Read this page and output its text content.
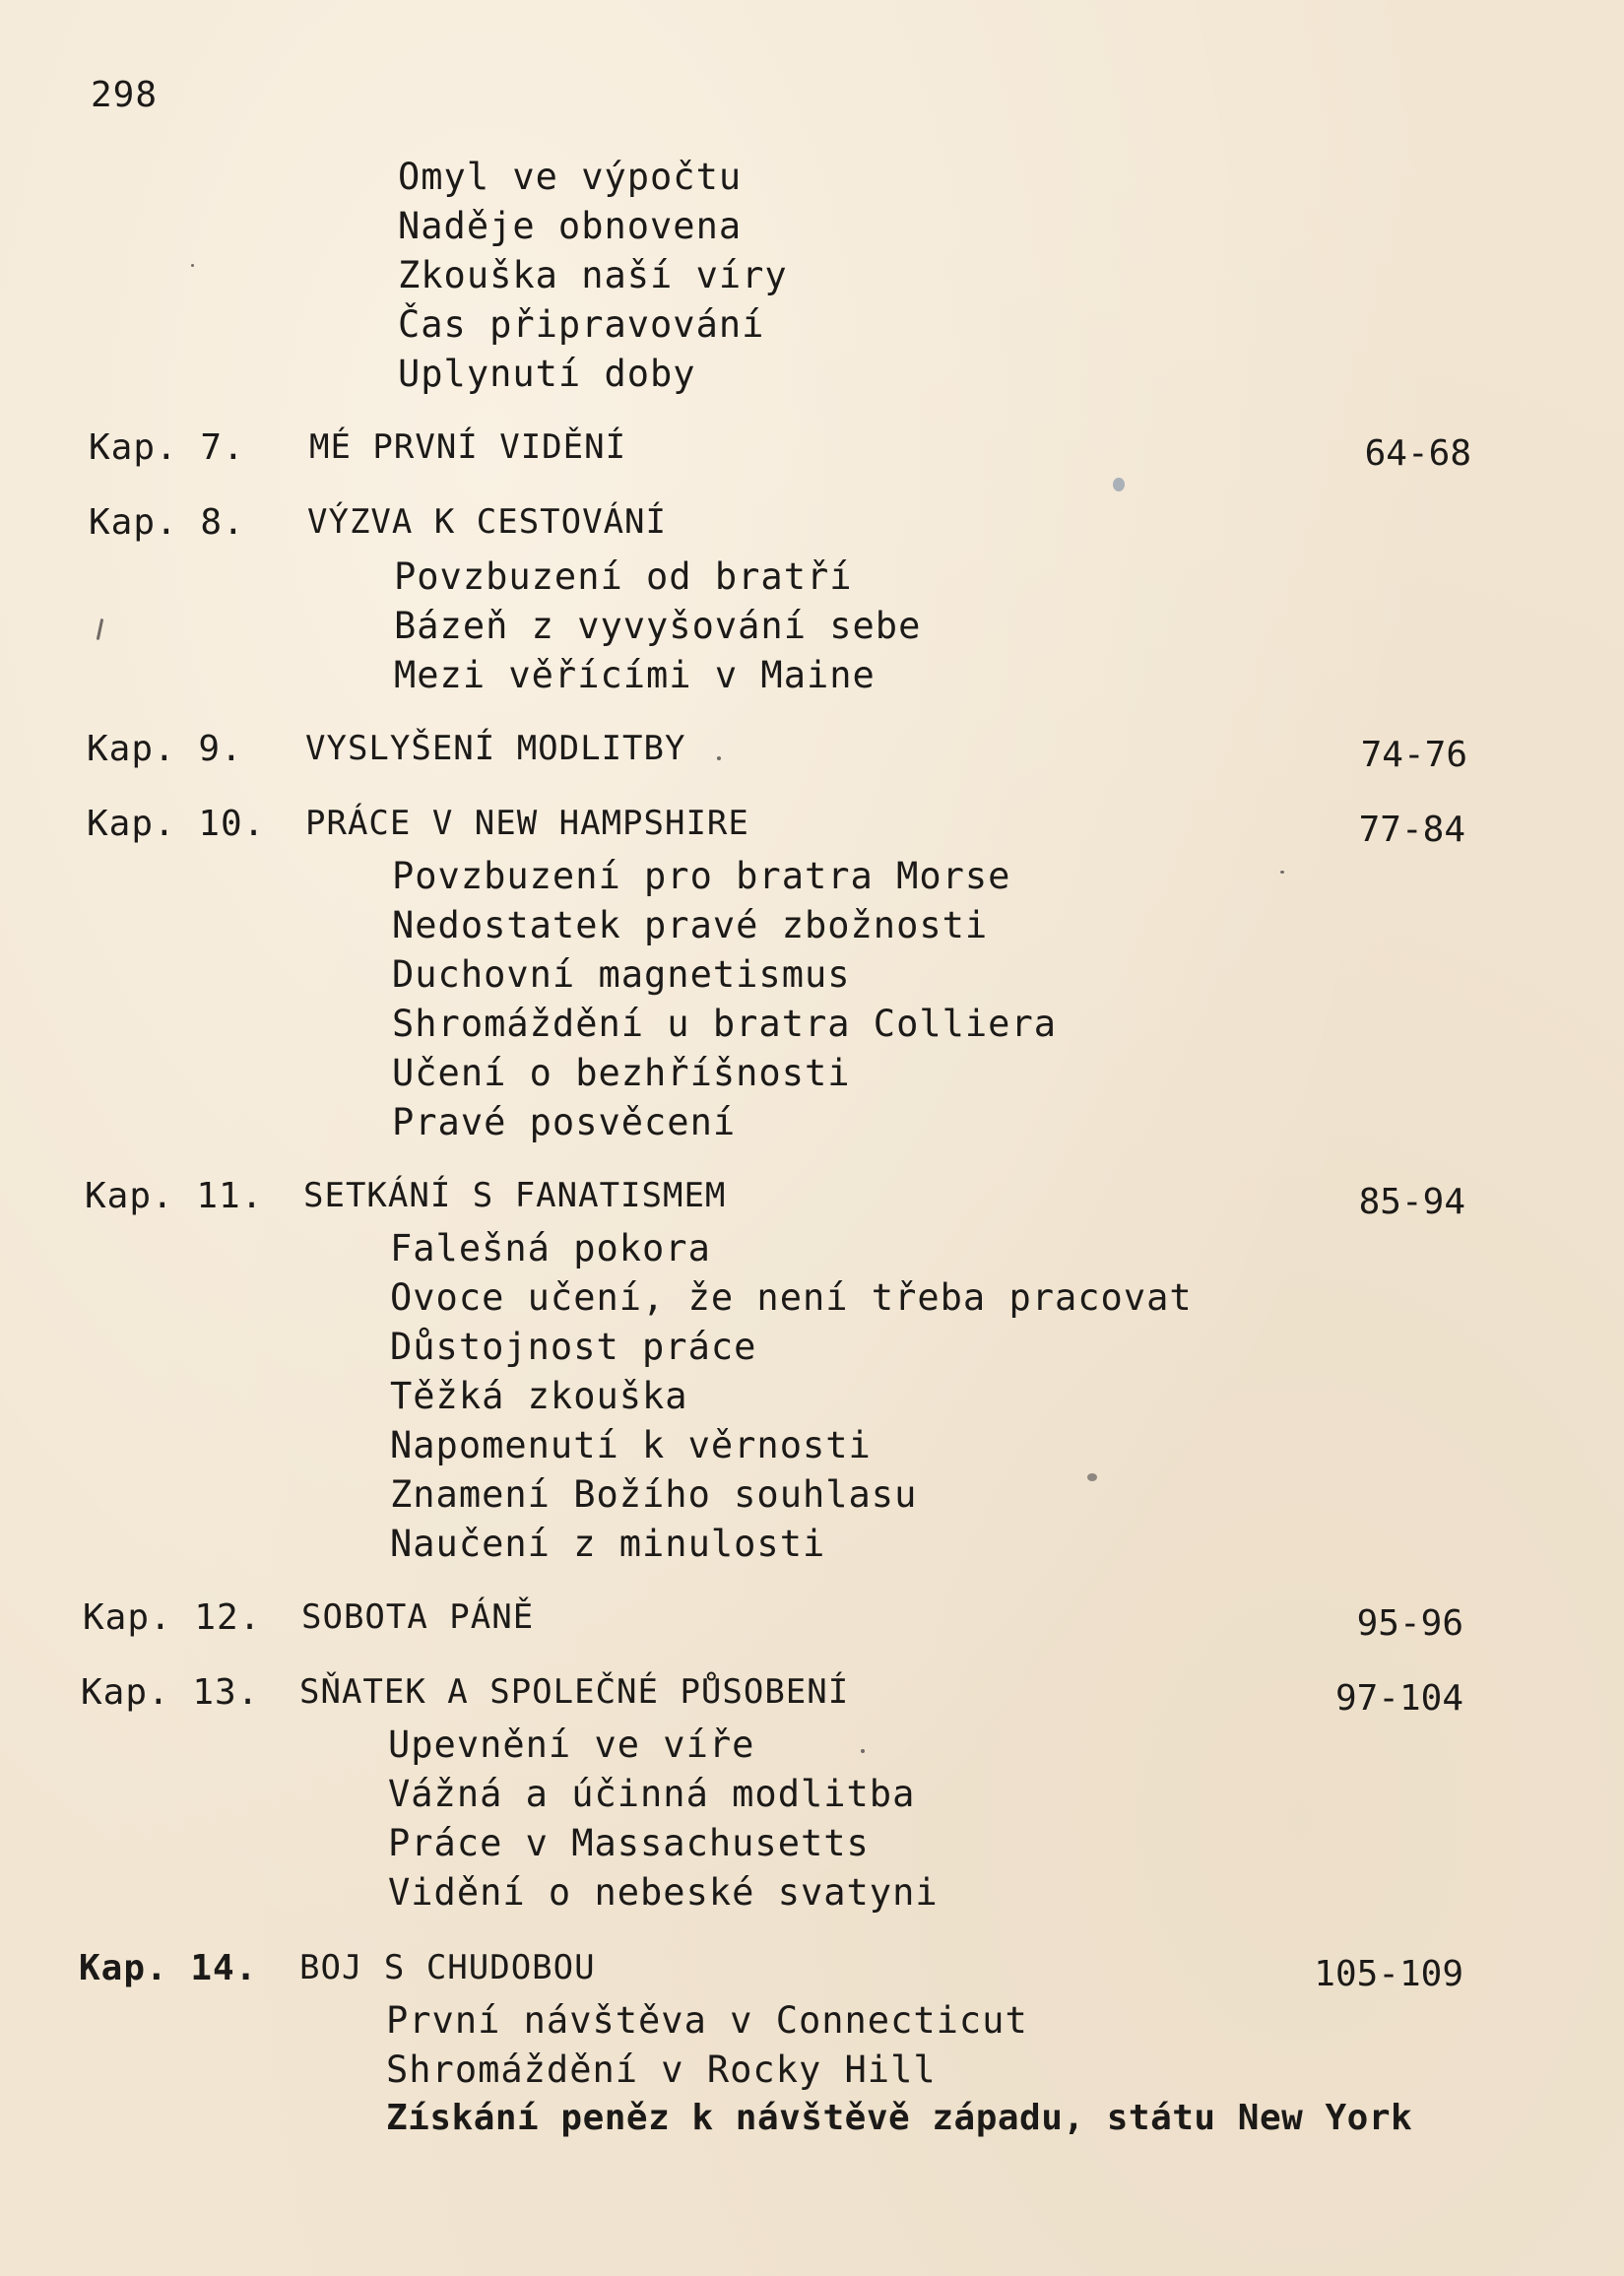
298
Omyl ve výpočtu
Naděje obnovena
Zkouška naší víry
Čas připravování
Uplynutí doby
Kap. 7. MÉ PRVNÍ VIDĚNÍ	64-68
Kap. 8. VÝZVA K CESTOVÁNÍ
Povzbuzení od bratří
Bázeň z vyvyšování sebe
Mezi věřícími v Maine
Kap. 9. VYSLYŠENÍ MODLITBY	74-76
Kap. 10. PRÁCE V NEW HAMPSHIRE	77-84
Povzbuzení pro bratra Morse
Nedostatek pravé zbožnosti
Duchovní magnetismus
Shromáždění u bratra Colliera
Učení o bezhříšnosti
Pravé posvěcení
Kap. 11. SETKÁNÍ S FANATISMEM	85-94
Falešná pokora
Ovoce učení, že není třeba pracovat
Důstojnost práce
Těžká zkouška
Napomenutí k věrnosti
Znamení Božího souhlasu
Naučení z minulosti
Kap. 12. SOBOTA PÁNĚ	95-96
Kap. 13. SŇATEK A SPOLEČNÉ PŮSOBENÍ	97-104
Upevnění ve víře
Vážná a účinná modlitba
Práce v Massachusetts
Vidění o nebeské svatyni
Kap. 14. BOJ S CHUDOBOU	105-109
První návštěva v Connecticut
Shromáždění v Rocky Hill
Získání peněz k návštěvě západu, státu New York
